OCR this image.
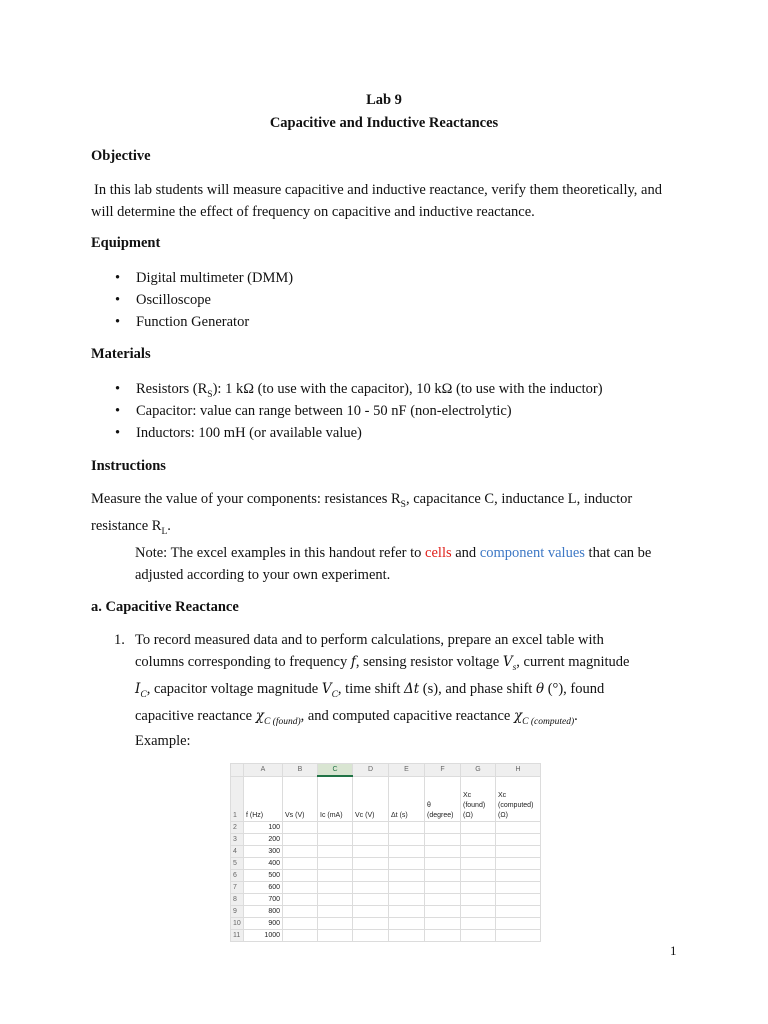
Lab 9
Capacitive and Inductive Reactances
Objective
In this lab students will measure capacitive and inductive reactance, verify them theoretically, and will determine the effect of frequency on capacitive and inductive reactance.
Equipment
• Digital multimeter (DMM)
• Oscilloscope
• Function Generator
Materials
• Resistors $(R_S)$: 1 kΩ (to use with the capacitor), 10 kΩ (to use with the inductor)
• Capacitor: value can range between 10 - 50 nF (non-electrolytic)
• Inductors: 100 mH (or available value)
Instructions
Measure the value of your components: resistances $R_S$, capacitance C, inductance L, inductor resistance $R_L$.
Note: The excel examples in this handout refer to cells and component values that can be adjusted according to your own experiment.
a. Capacitive Reactance
1. To record measured data and to perform calculations, prepare an excel table with
columns corresponding to frequency f, sensing resistor voltage $V_s$, current magnitude
$I_C$, capacitor voltage magnitude $V_C$, time shift Δt (s), and phase shift θ (°), found
capacitive reactance $\chi_{C (found)}$, and computed capacitive reactance $\chi_{C (computed)}$.
Example:
	A	B	C	D	E	F	G	H
1	f (Hz)	Vs (V)	Ic (mA)	Vc (V)	Δt (s)	θ (degree)	Xc (found) (Ω)	Xc (computed) (Ω)
2	100							
3	200							
4	300							
5	400							
6	500							
7	600							
8	700							
9	800							
10	900							
11	1000							
1
